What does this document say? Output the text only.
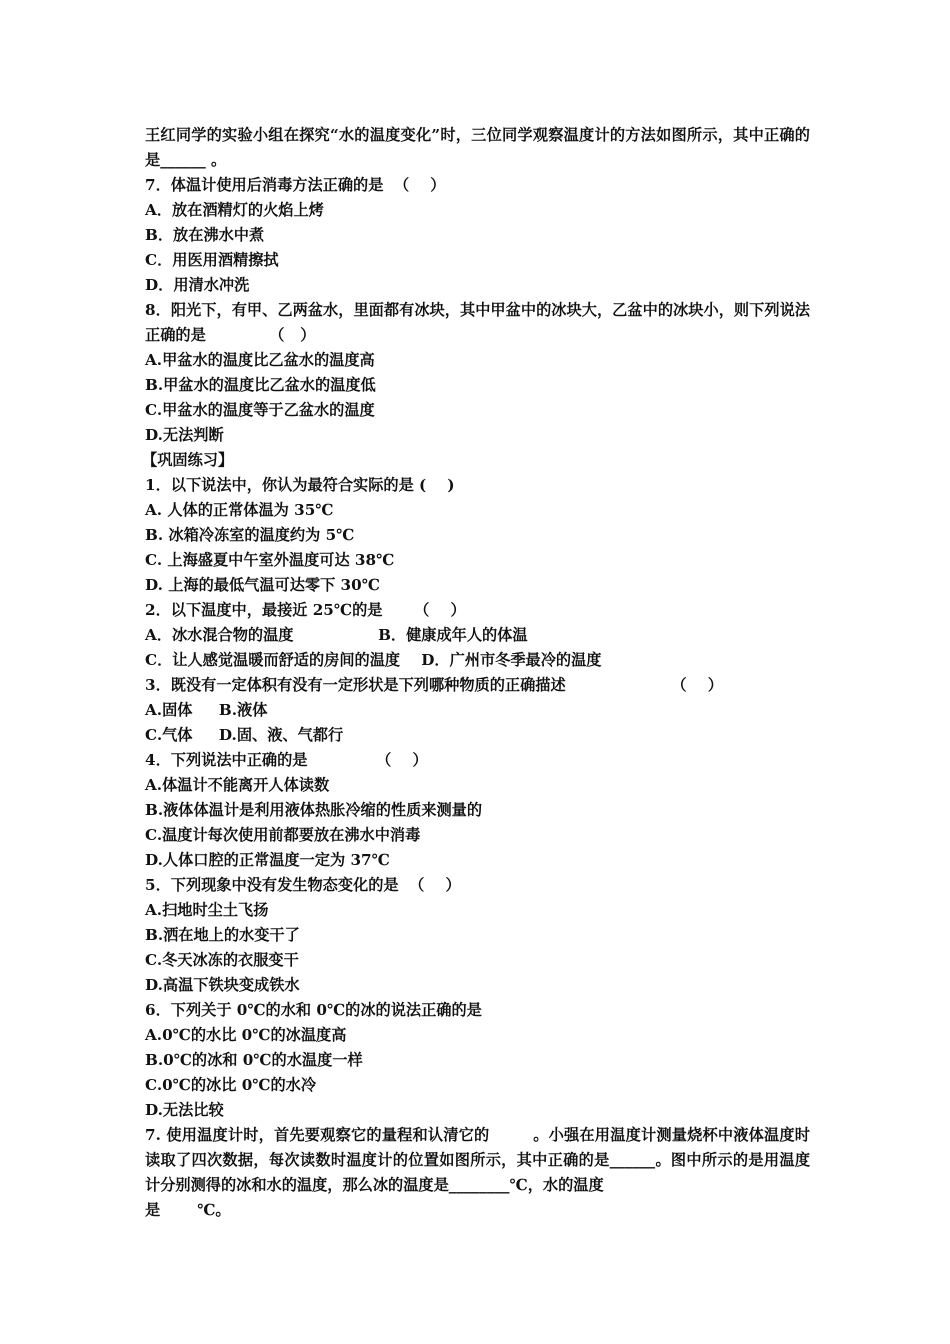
王红同学的实验小组在探究“水的温度变化”时，三位同学观察温度计的方法如图所示，其中正确的是______ 。
7．体温计使用后消毒方法正确的是  （    ）
A．放在酒精灯的火焰上烤
B．放在沸水中煮
C．用医用酒精擦拭
D．用清水冲洗
8．阳光下，有甲、乙两盆水，里面都有冰块，其中甲盆中的冰块大，乙盆中的冰块小，则下列说法正确的是            （   ）
A.甲盆水的温度比乙盆水的温度高
B.甲盆水的温度比乙盆水的温度低
C.甲盆水的温度等于乙盆水的温度
D.无法判断
【巩固练习】
1．以下说法中，你认为最符合实际的是 (    )
A. 人体的正常体温为 35℃
B. 冰箱冷冻室的温度约为 5℃
C. 上海盛夏中午室外温度可达 38℃
D. 上海的最低气温可达零下 30℃
2．以下温度中，最接近 25℃的是      （    ）
A．冰水混合物的温度                B．健康成年人的体温
C．让人感觉温暖而舒适的房间的温度    D．广州市冬季最冷的温度
3．既没有一定体积有没有一定形状是下列哪种物质的正确描述                    （    ）
A.固体     B.液体
C.气体     D.固、液、气都行
4．下列说法中正确的是             （    ）
A.体温计不能离开人体读数
B.液体体温计是利用液体热胀冷缩的性质来测量的
C.温度计每次使用前都要放在沸水中消毒
D.人体口腔的正常温度一定为 37℃
5．下列现象中没有发生物态变化的是  （    ）
A.扫地时尘土飞扬
B.洒在地上的水变干了
C.冬天冰冻的衣服变干
D.高温下铁块变成铁水
6．下列关于 0℃的水和 0℃的冰的说法正确的是
A.0℃的水比 0℃的冰温度高
B.0℃的冰和 0℃的水温度一样
C.0℃的冰比 0℃的水冷
D.无法比较
7. 使用温度计时，首先要观察它的量程和认清它的        。小强在用温度计测量烧杯中液体温度时读取了四次数据，每次读数时温度计的位置如图所示，其中正确的是______。图中所示的是用温度计分别测得的冰和水的温度，那么冰的温度是________℃，水的温度
是       ℃。
